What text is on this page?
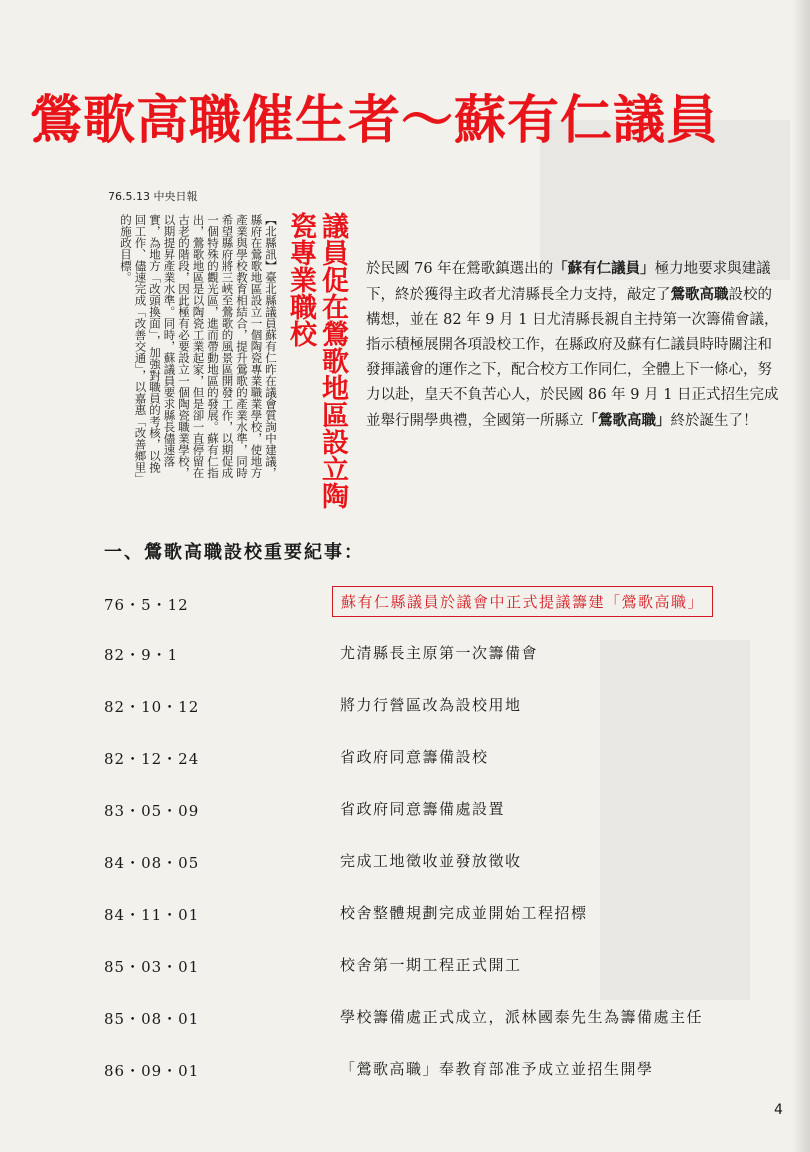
鶯歌高職催生者～蘇有仁議員
76.5.13 中央日報
【北縣訊】臺北縣議員蘇有仁昨在議會質詢中建議，縣府在鶯歌地區設立一個陶瓷專業職業學校，使地方產業與學校教育相結合，提升鶯歌的產業水準，同時希望縣府將三峽至鶯歌的風景區開發工作，以期促成一個特殊的觀光區，進而帶動地區的發展。蘇有仁指出，鶯歌地區是以陶瓷工業起家，但是卻一直停留在古老的階段，因此極有必要設立一個陶瓷職業學校，以期提昇產業水準。同時，蘇議員要求縣長儘速落實，為地方「改頭換面」，加強對職員的考核，以挽回工作、儘速完成「改善交通」，以嘉惠「改善鄉里」的施政目標。	議員促在鶯歌地區設立陶瓷專業職校	於民國 76 年在鶯歌鎮選出的「蘇有仁議員」極力地要求與建議下，終於獲得主政者尤清縣長全力支持，敲定了鶯歌高職設校的構想，並在 82 年 9 月 1 日尤清縣長親自主持第一次籌備會議，指示積極展開各項設校工作，在縣政府及蘇有仁議員時時關注和發揮議會的運作之下，配合校方工作同仁，全體上下一條心，努力以赴，皇天不負苦心人，於民國 86 年 9 月 1 日正式招生完成並舉行開學典禮，全國第一所縣立「鶯歌高職」終於誕生了！

一、鶯歌高職設校重要紀事：
76・5・12	蘇有仁縣議員於議會中正式提議籌建「鶯歌高職」
82・9・1	尤清縣長主原第一次籌備會
82・10・12	將力行營區改為設校用地
82・12・24	省政府同意籌備設校
83・05・09	省政府同意籌備處設置
84・08・05	完成工地徵收並發放徵收
84・11・01	校舍整體規劃完成並開始工程招標
85・03・01	校舍第一期工程正式開工
85・08・01	學校籌備處正式成立，派林國泰先生為籌備處主任
86・09・01	「鶯歌高職」奉教育部准予成立並招生開學
4
